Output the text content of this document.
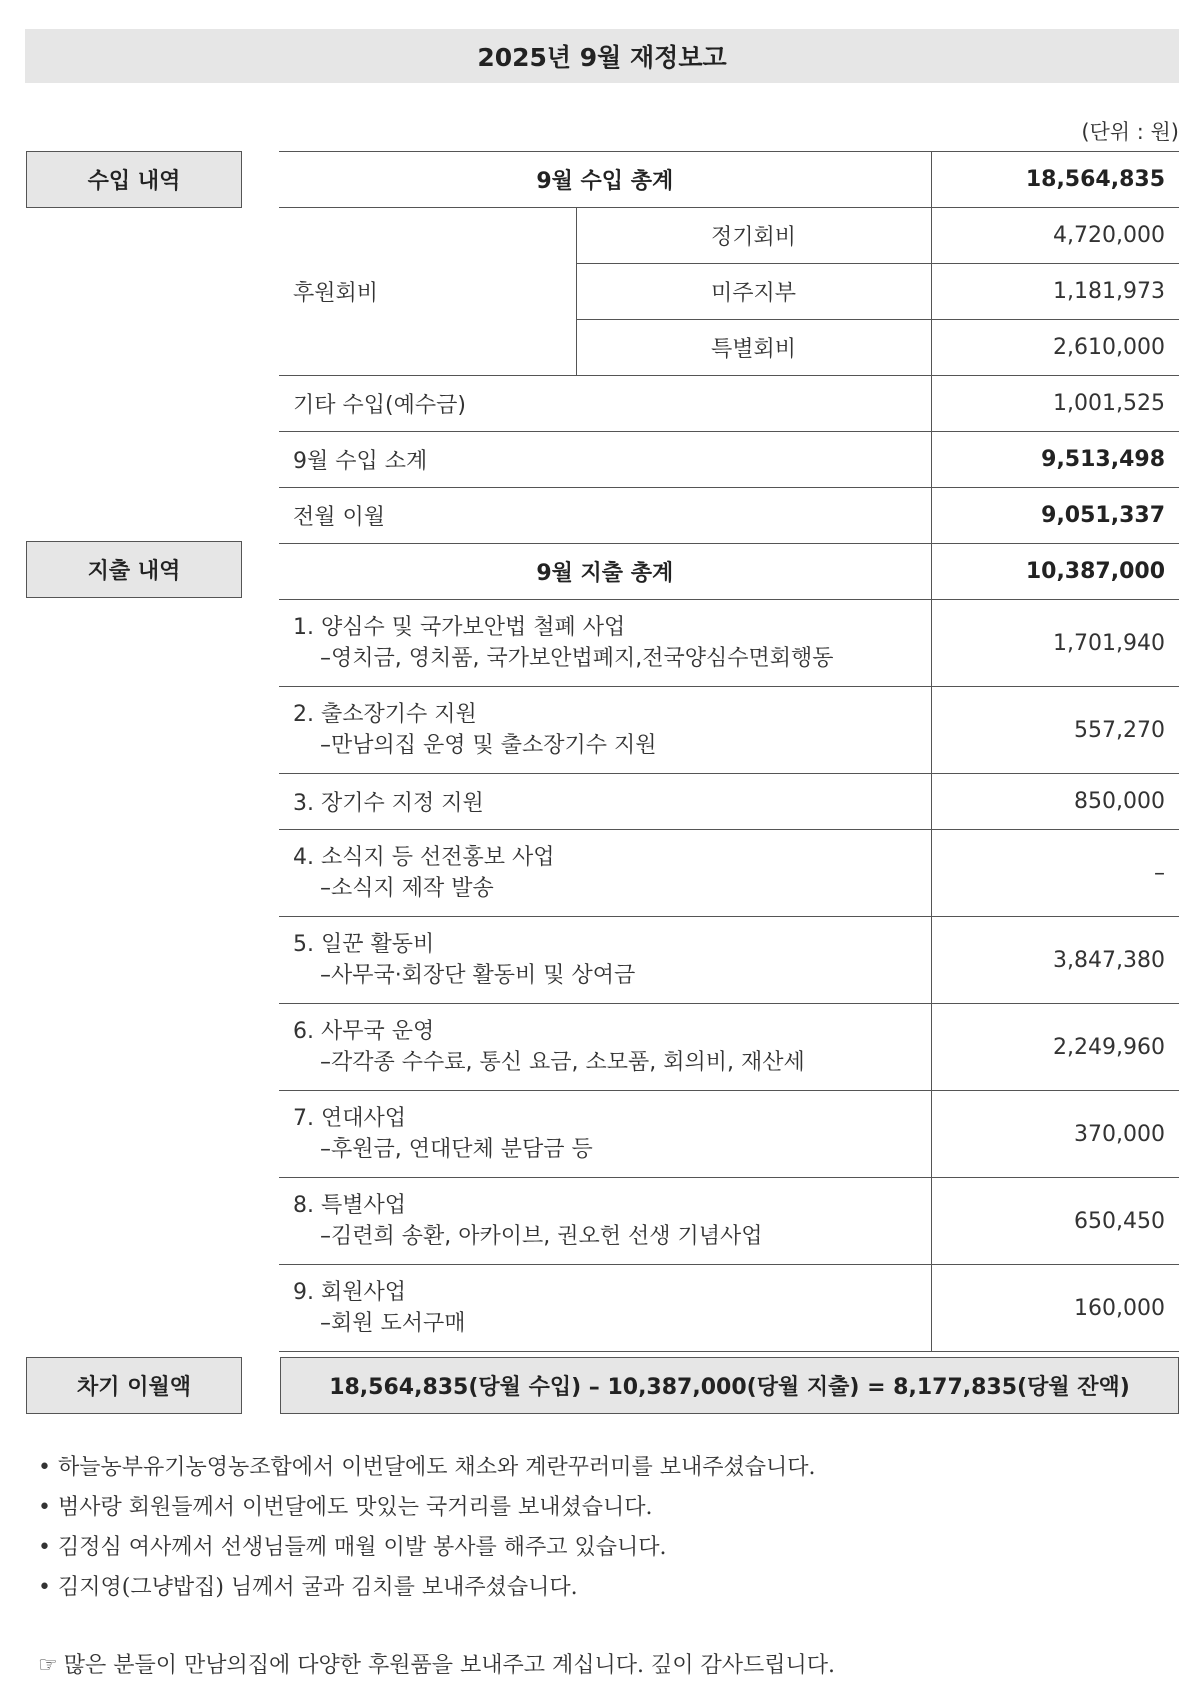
2025년 9월 재정보고
(단위 : 원)
수입 내역
지출 내역
차기 이월액
9월 수입 총계		18,564,835
후원회비	정기회비	4,720,000
	미주지부	1,181,973
	특별회비	2,610,000
기타 수입(예수금)		1,001,525
9월 수입 소계		9,513,498
전월 이월		9,051,337
9월 지출 총계		10,387,000
1. 양심수 및 국가보안법 철폐 사업
–영치금, 영치품, 국가보안법폐지,전국양심수면회행동		1,701,940
2. 출소장기수 지원
–만남의집 운영 및 출소장기수 지원		557,270
3. 장기수 지정 지원		850,000
4. 소식지 등 선전홍보 사업
–소식지 제작 발송		–
5. 일꾼 활동비
–사무국·회장단 활동비 및 상여금		3,847,380
6. 사무국 운영
–각각종 수수료, 통신 요금, 소모품, 회의비, 재산세		2,249,960
7. 연대사업
–후원금, 연대단체 분담금 등		370,000
8. 특별사업
–김련희 송환, 아카이브, 권오헌 선생 기념사업		650,450
9. 회원사업
–회원 도서구매		160,000
18,564,835(당월 수입) – 10,387,000(당월 지출) = 8,177,835(당월 잔액)
• 하늘농부유기농영농조합에서 이번달에도 채소와 계란꾸러미를 보내주셨습니다.
• 범사랑 회원들께서 이번달에도 맛있는 국거리를 보내셨습니다.
• 김정심 여사께서 선생님들께 매월 이발 봉사를 해주고 있습니다.
• 김지영(그냥밥집) 님께서 굴과 김치를 보내주셨습니다.
☞ 많은 분들이 만남의집에 다양한 후원품을 보내주고 계십니다. 깊이 감사드립니다.
